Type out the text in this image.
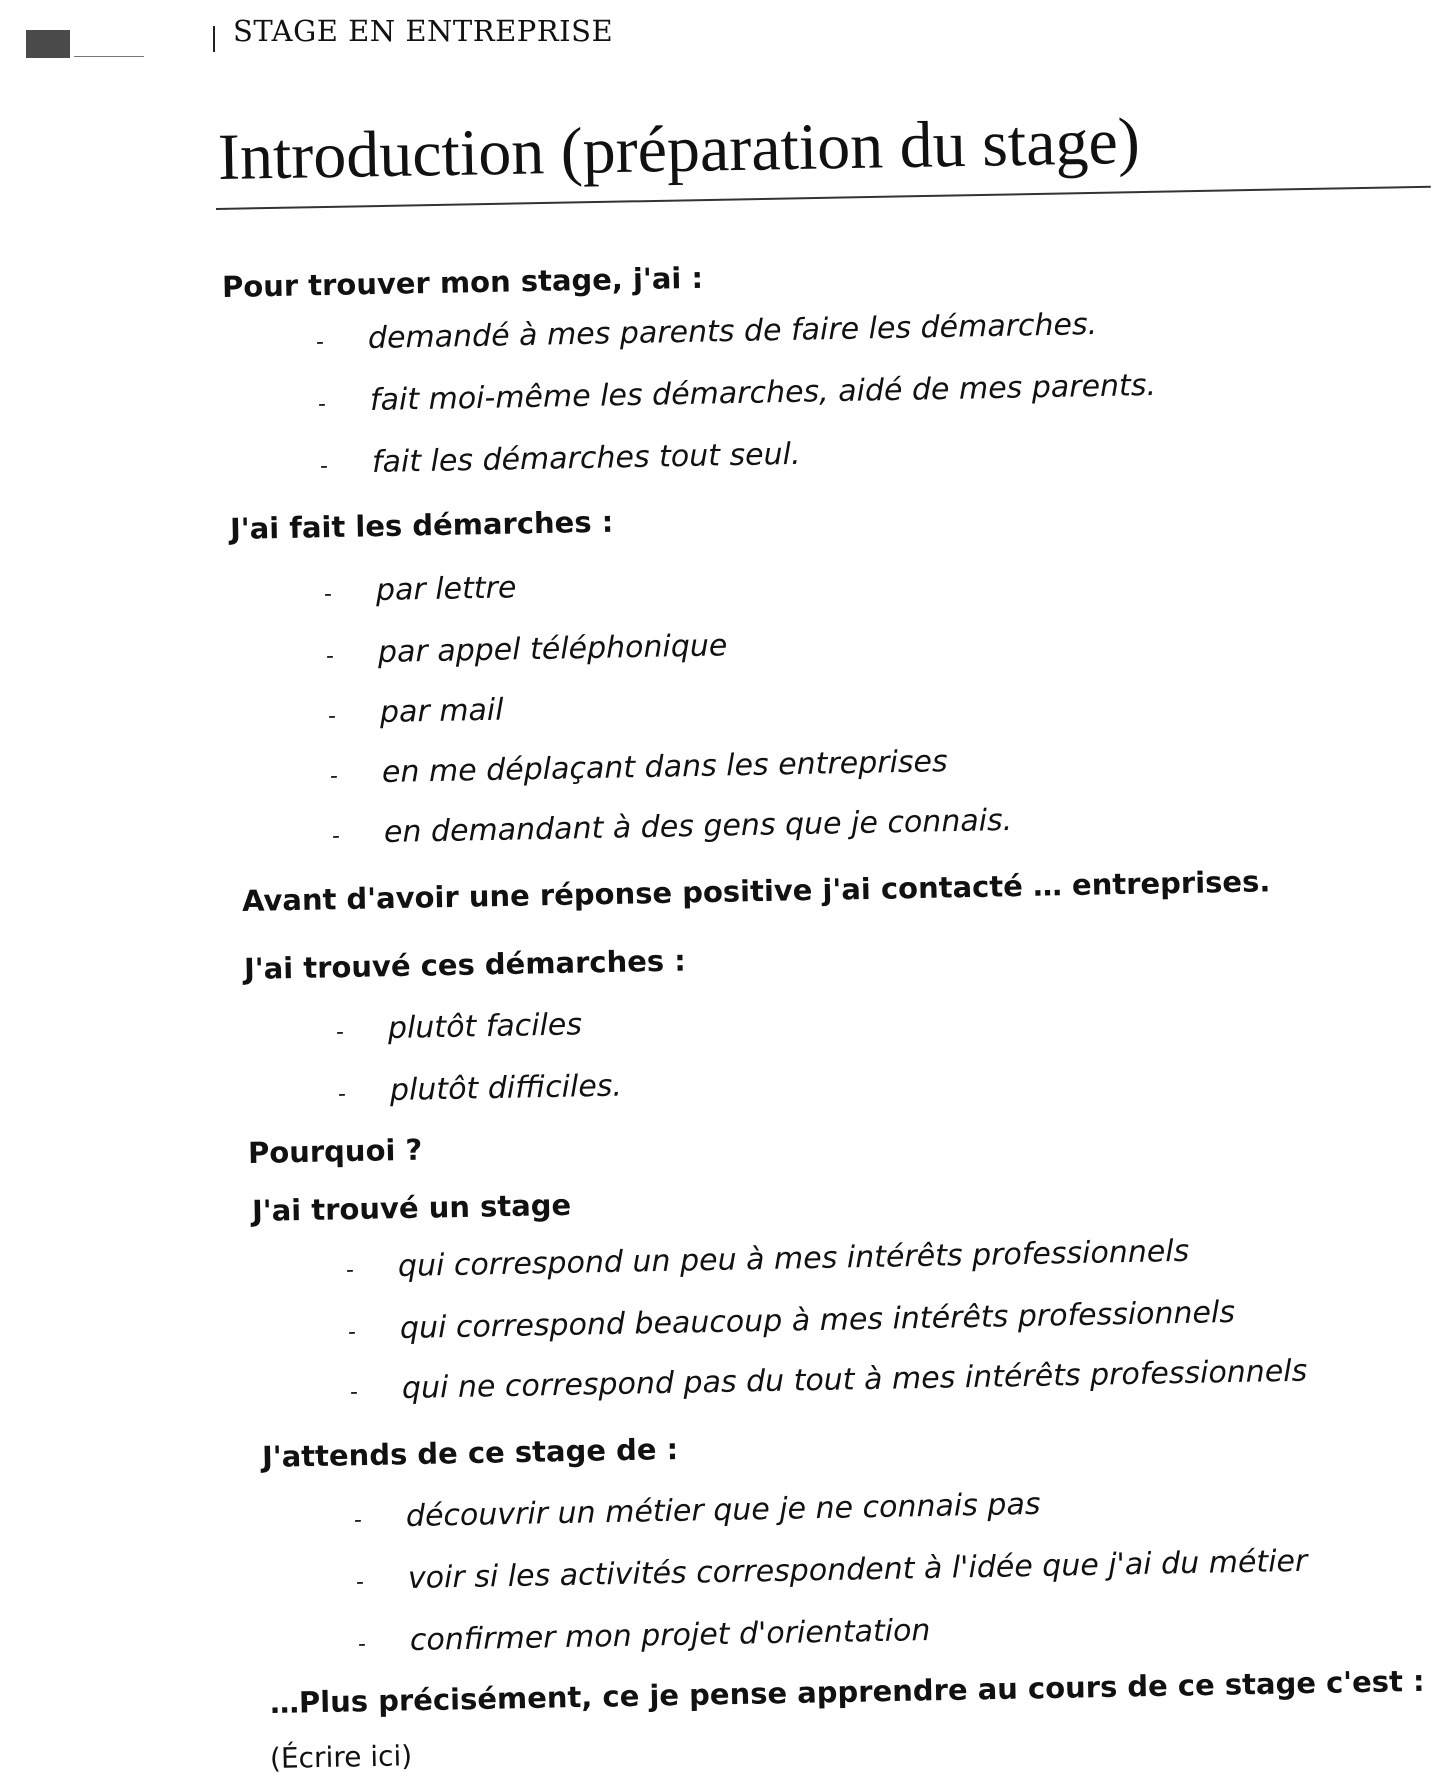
STAGE EN ENTREPRISE
Introduction (préparation du stage)
Pour trouver mon stage, j'ai :
-	demandé à mes parents de faire les démarches.
-	fait moi-même les démarches, aidé de mes parents.
-	fait les démarches tout seul.
J'ai fait les démarches :
-	par lettre
-	par appel téléphonique
-	par mail
-	en me déplaçant dans les entreprises
-	en demandant à des gens que je connais.
Avant d'avoir une réponse positive j'ai contacté … entreprises.
J'ai trouvé ces démarches :
-	plutôt faciles
-	plutôt difficiles.
Pourquoi ?
J'ai trouvé un stage
-	qui correspond un peu à mes intérêts professionnels
-	qui correspond beaucoup à mes intérêts professionnels
-	qui ne correspond pas du tout à mes intérêts professionnels
J'attends de ce stage de :
-	découvrir un métier que je ne connais pas
-	voir si les activités correspondent à l'idée que j'ai du métier
-	confirmer mon projet d'orientation
…Plus précisément, ce je pense apprendre au cours de ce stage c'est :
(Écrire ici)
